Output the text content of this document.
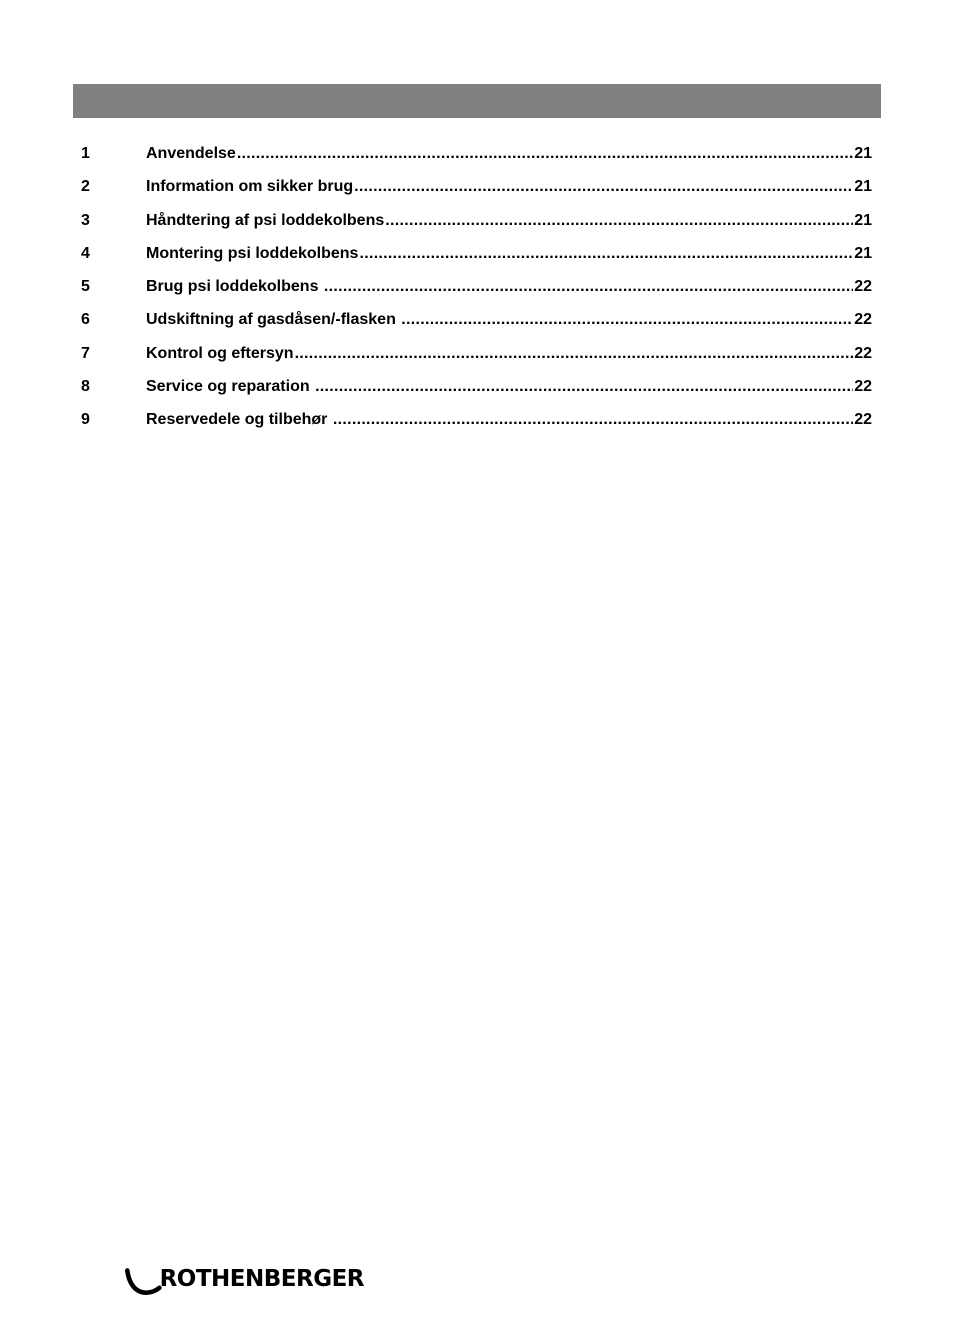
1	Anvendelse .....	21
2	Information om sikker brug .....	21
3	Håndtering af psi loddekolbens .....	21
4	Montering psi loddekolbens .....	21
5	Brug psi loddekolbens .....	22
6	Udskiftning af gasdåsen/-flasken .....	22
7	Kontrol og eftersyn .....	22
8	Service og reparation .....	22
9	Reservedele og tilbehør .....	22
ROTHENBERGER
